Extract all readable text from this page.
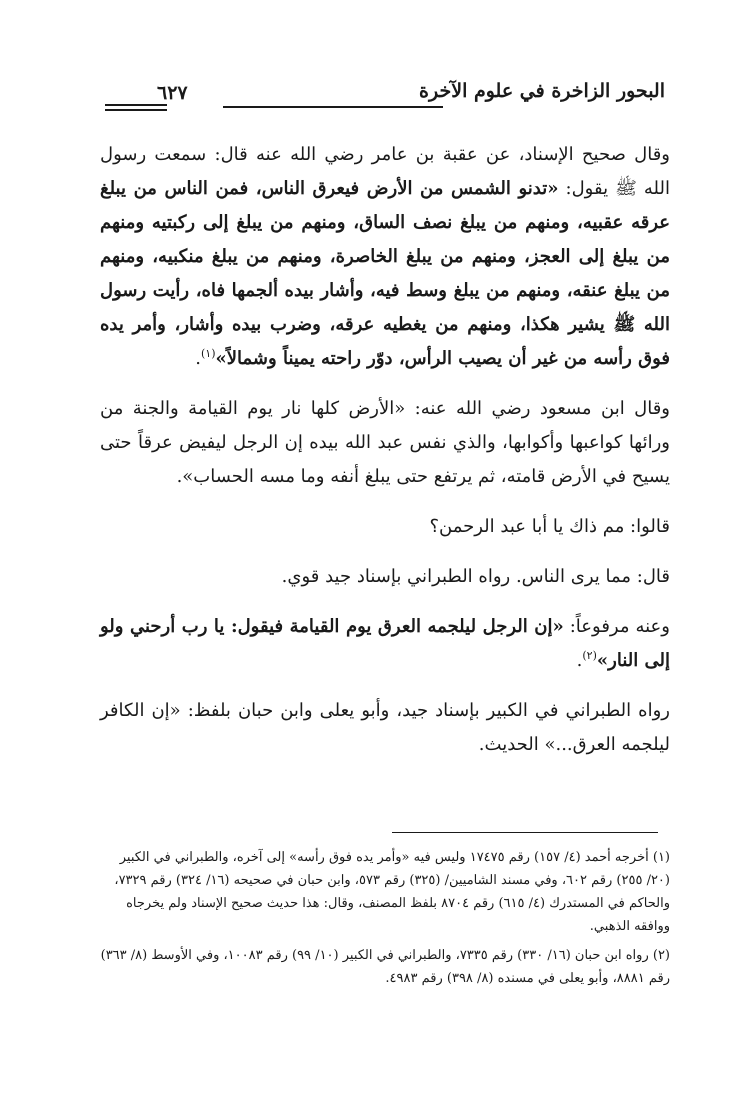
٦٢٧	البحور الزاخرة في علوم الآخرة

وقال صحيح الإسناد، عن عقبة بن عامر رضي الله عنه قال: سمعت رسول الله ﷺ يقول: «تدنو الشمس من الأرض فيعرق الناس، فمن الناس من يبلغ عرقه عقبيه، ومنهم من يبلغ نصف الساق، ومنهم من يبلغ إلى ركبتيه ومنهم من يبلغ إلى العجز، ومنهم من يبلغ الخاصرة، ومنهم من يبلغ منكبيه، ومنهم من يبلغ عنقه، ومنهم من يبلغ وسط فيه، وأشار بيده ألجمها فاه، رأيت رسول الله ﷺ يشير هكذا، ومنهم من يغطيه عرقه، وضرب بيده وأشار، وأمر يده فوق رأسه من غير أن يصيب الرأس، دوّر راحته يميناً وشمالاً»$^{(١)}$.

وقال ابن مسعود رضي الله عنه: «الأرض كلها نار يوم القيامة والجنة من ورائها كواعبها وأكوابها، والذي نفس عبد الله بيده إن الرجل ليفيض عرقاً حتى يسيح في الأرض قامته، ثم يرتفع حتى يبلغ أنفه وما مسه الحساب».

قالوا: مم ذاك يا أبا عبد الرحمن؟

قال: مما يرى الناس. رواه الطبراني بإسناد جيد قوي.

وعنه مرفوعاً: «إن الرجل ليلجمه العرق يوم القيامة فيقول: يا رب أرحني ولو إلى النار»$^{(٢)}$.

رواه الطبراني في الكبير بإسناد جيد، وأبو يعلى وابن حبان بلفظ: «إن الكافر ليلجمه العرق...» الحديث.

(١) أخرجه أحمد (٤/ ١٥٧) رقم ١٧٤٧٥ وليس فيه «وأمر يده فوق رأسه» إلى آخره، والطبراني في الكبير (٢٠/ ٢٥٥) رقم ٦٠٢، وفي مسند الشاميين/ (٣٢٥) رقم ٥٧٣، وابن حبان في صحيحه (١٦/ ٣٢٤) رقم ٧٣٢٩، والحاكم في المستدرك (٤/ ٦١٥) رقم ٨٧٠٤ بلفظ المصنف، وقال: هذا حديث صحيح الإسناد ولم يخرجاه ووافقه الذهبي.

(٢) رواه ابن حبان (١٦/ ٣٣٠) رقم ٧٣٣٥، والطبراني في الكبير (١٠/ ٩٩) رقم ١٠٠٨٣، وفي الأوسط (٨/ ٣٦٣) رقم ٨٨٨١، وأبو يعلى في مسنده (٨/ ٣٩٨) رقم ٤٩٨٣.
